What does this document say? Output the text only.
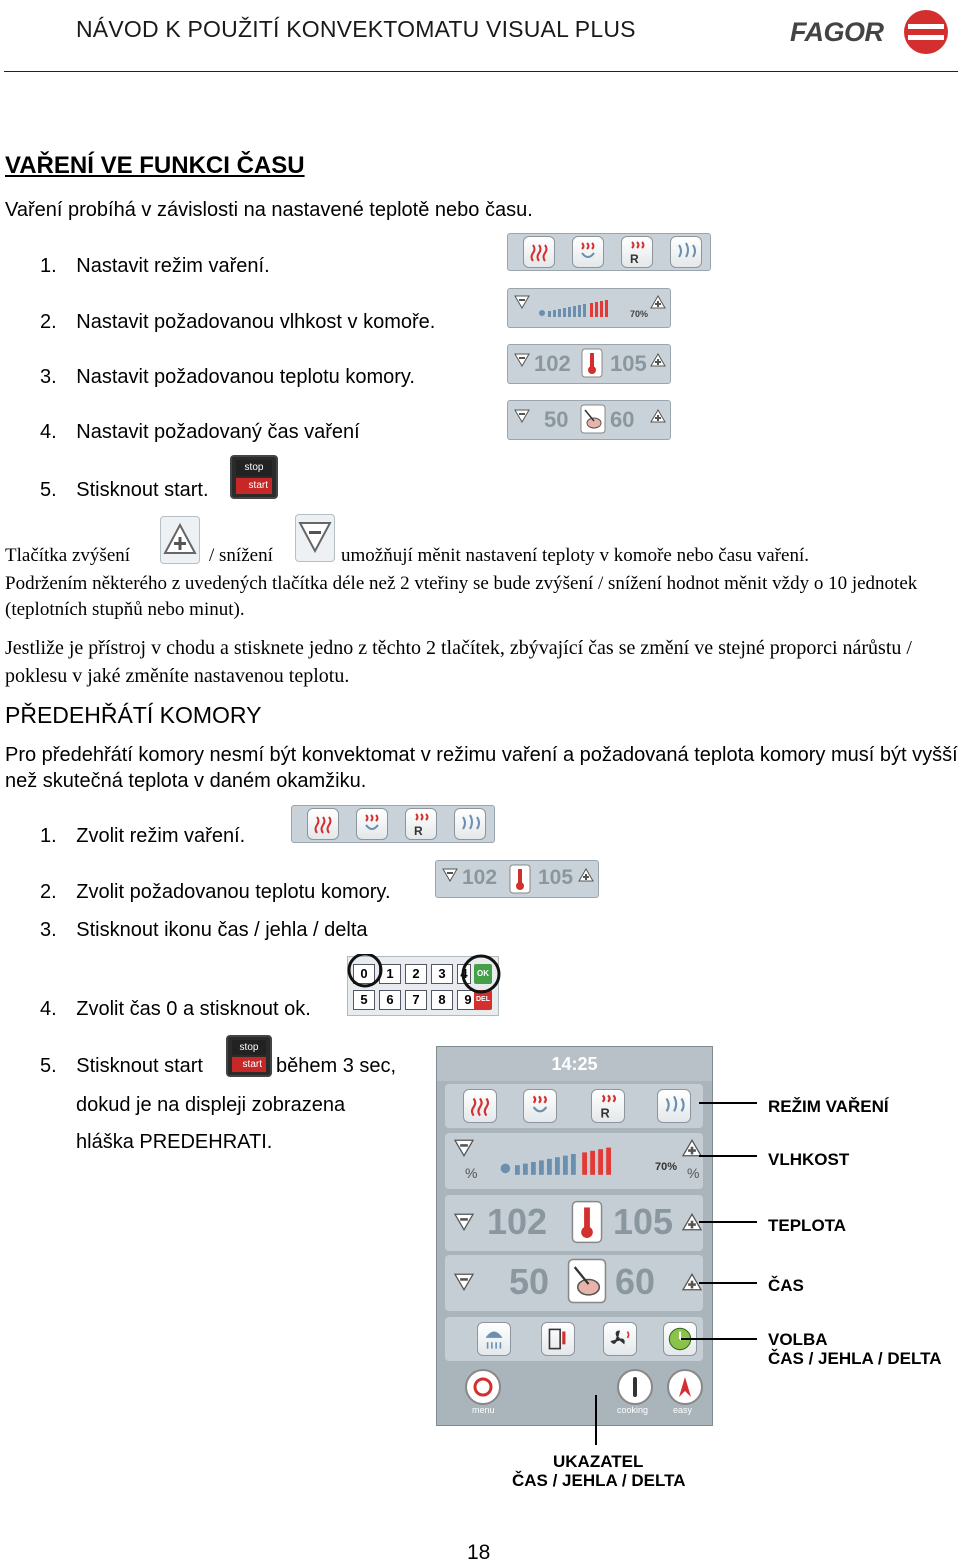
NÁVOD K POUŽITÍ KONVEKTOMATU VISUAL PLUS	FAGOR
VAŘENÍ VE FUNKCI ČASU
Vaření probíhá v závislosti na nastavené teplotě nebo času.
1. Nastavit režim vaření.
2. Nastavit požadovanou vlhkost v komoře.
3. Nastavit požadovanou teplotu komory.
4. Nastavit požadovaný čas vaření
5. Stisknout start.
stop
start
R
70%
102 105
50 60
Tlačítka zvýšení	/ snížení	umožňují měnit nastavení teploty v komoře nebo času vaření.
Podržením některého z uvedených tlačítka déle než 2 vteřiny se bude zvýšení / snížení hodnot měnit vždy o 10 jednotek (teplotních stupňů nebo minut).
Jestliže je přístroj v chodu a stisknete jedno z těchto 2 tlačítek, zbývající čas se změní ve stejné proporci nárůstu / poklesu v jaké změníte nastavenou teplotu.
PŘEDEHŘÁTÍ KOMORY
Pro předehřátí komory nesmí být konvektomat v režimu vaření a požadovaná teplota komory musí být vyšší než skutečná teplota v daném okamžiku.
1. Zvolit režim vaření.
2. Zvolit požadovanou teplotu komory.
3. Stisknout ikonu čas / jehla / delta
4. Zvolit čas 0 a stisknout ok.
5. Stisknout start
stop
start během 3 sec,
dokud je na displeji zobrazena
hláška PREDEHRATI.
R
102 105
0	1	2	3	4
5	6	7	8	9
OK
DEL
14:25
R
%	70% %
102 105
50 60
menu	cooking	easy
REŽIM VAŘENÍ
VLHKOST
TEPLOTA
ČAS
VOLBA
ČAS / JEHLA / DELTA
UKAZATEL
ČAS / JEHLA / DELTA
18
